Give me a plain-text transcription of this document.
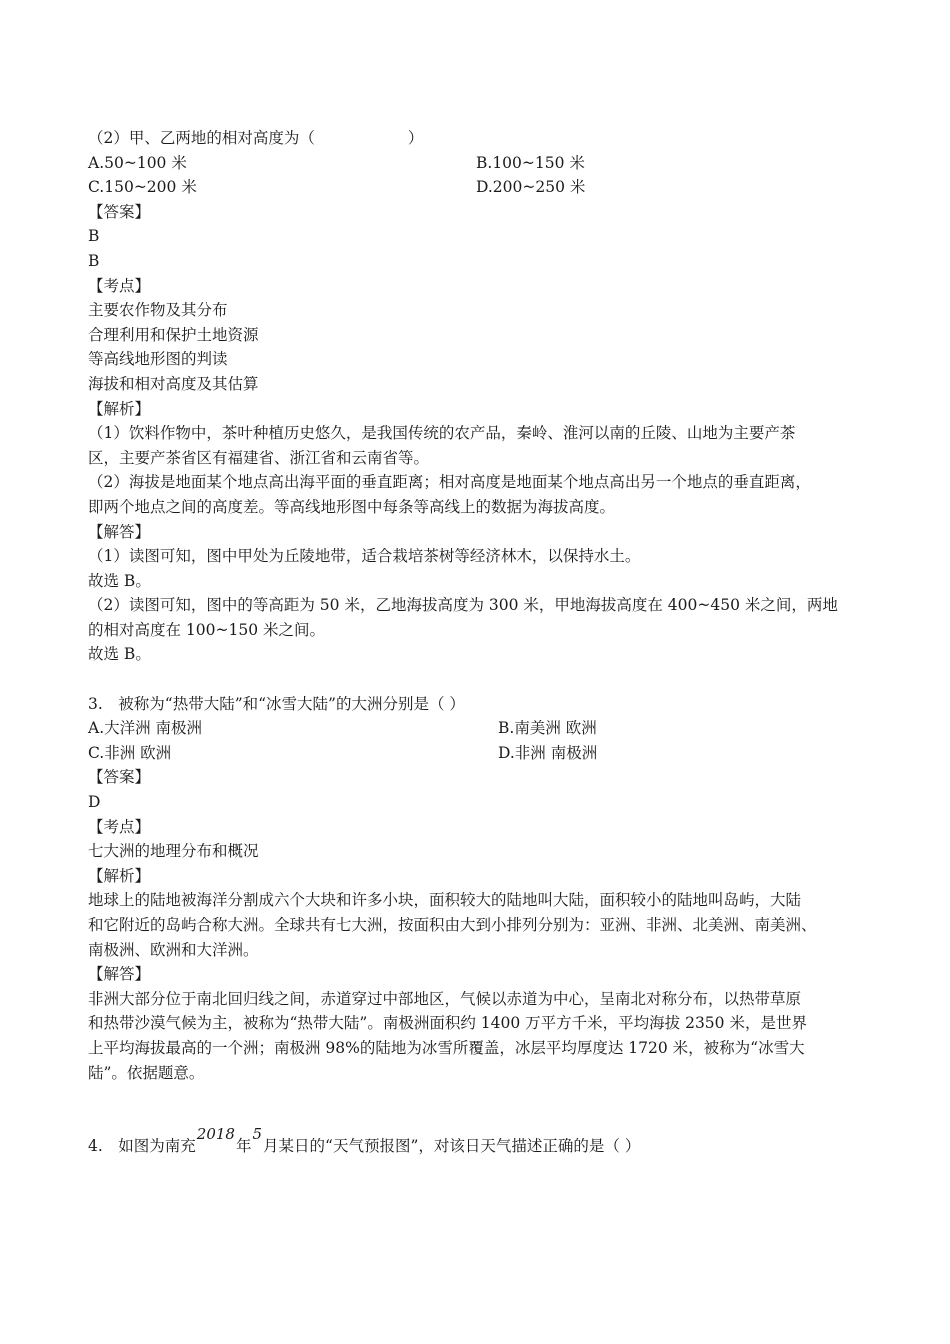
（2）甲、乙两地的相对高度为（　　　　　　）
A.50~100 米	B.100~150 米
C.150~200 米	D.200~250 米
【答案】
B
B
【考点】
主要农作物及其分布
合理利用和保护土地资源
等高线地形图的判读
海拔和相对高度及其估算
【解析】
（1）饮料作物中，茶叶种植历史悠久，是我国传统的农产品，秦岭、淮河以南的丘陵、山地为主要产茶
区，主要产茶省区有福建省、浙江省和云南省等。
（2）海拔是地面某个地点高出海平面的垂直距离；相对高度是地面某个地点高出另一个地点的垂直距离，
即两个地点之间的高度差。等高线地形图中每条等高线上的数据为海拔高度。
【解答】
（1）读图可知，图中甲处为丘陵地带，适合栽培茶树等经济林木，以保持水土。
故选 B。
（2）读图可知，图中的等高距为 50 米，乙地海拔高度为 300 米，甲地海拔高度在 400~450 米之间，两地
的相对高度在 100~150 米之间。
故选 B。
3.　被称为“热带大陆”和“冰雪大陆”的大洲分别是（ ）
A.大洋洲 南极洲	B.南美洲 欧洲
C.非洲 欧洲	D.非洲 南极洲
【答案】
D
【考点】
七大洲的地理分布和概况
【解析】
地球上的陆地被海洋分割成六个大块和许多小块，面积较大的陆地叫大陆，面积较小的陆地叫岛屿，大陆
和它附近的岛屿合称大洲。全球共有七大洲，按面积由大到小排列分别为：亚洲、非洲、北美洲、南美洲、
南极洲、欧洲和大洋洲。
【解答】
非洲大部分位于南北回归线之间，赤道穿过中部地区，气候以赤道为中心，呈南北对称分布，以热带草原
和热带沙漠气候为主，被称为“热带大陆”。南极洲面积约 1400 万平方千米，平均海拔 2350 米，是世界
上平均海拔最高的一个洲；南极洲 98%的陆地为冰雪所覆盖，冰层平均厚度达 1720 米，被称为“冰雪大
陆”。依据题意。
4.　如图为南充2018年5月某日的“天气预报图”，对该日天气描述正确的是（ ）
